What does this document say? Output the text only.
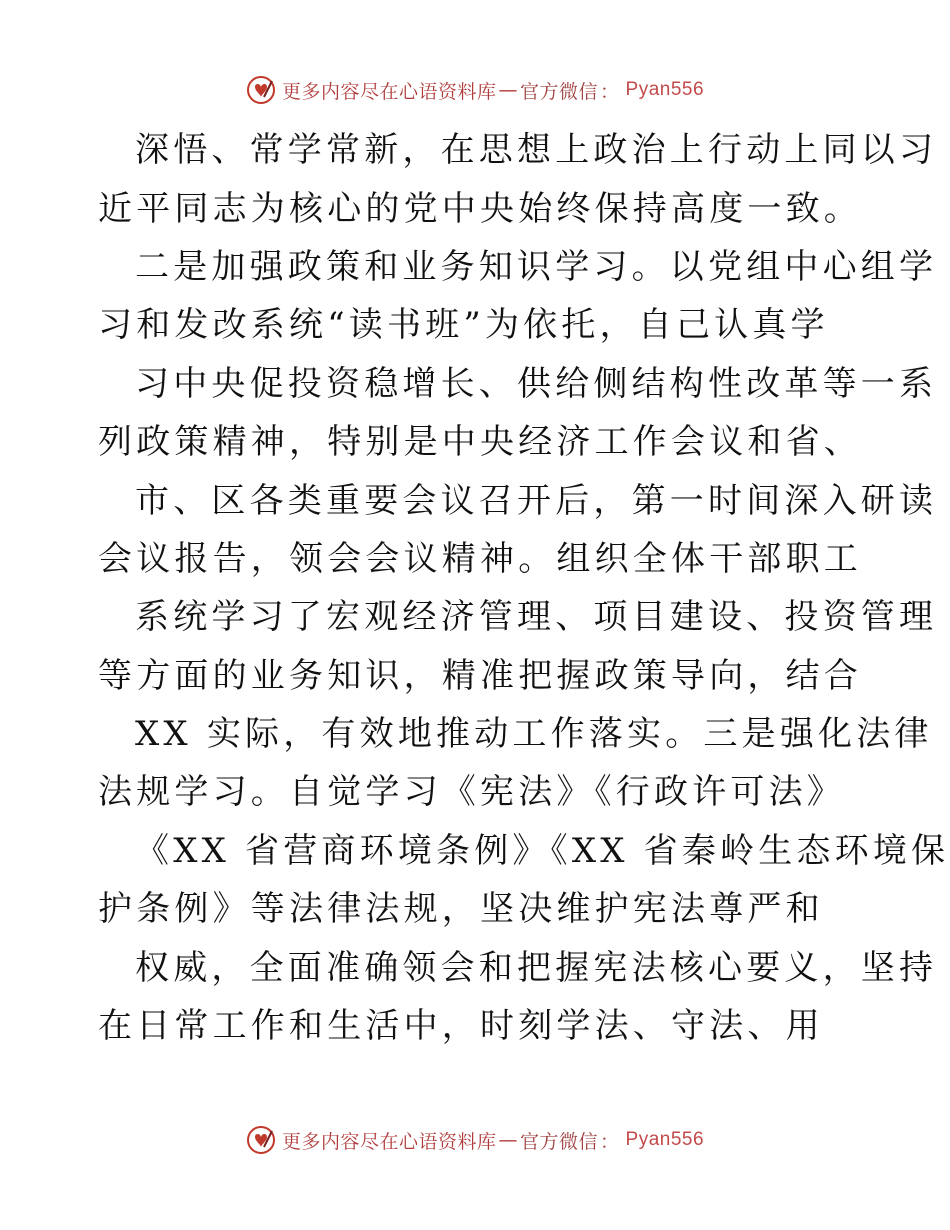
更多内容尽在心语资料库 — 官方微信 ： Pyan556
深悟、常学常新，在思想上政治上行动上同以习
近平同志为核心的党中央始终保持高度一致。
二是加强政策和业务知识学习。以党组中心组学
习和发改系统“读书班”为依托，自己认真学
习中央促投资稳增长、供给侧结构性改革等一系
列政策精神，特别是中央经济工作会议和省、
市、区各类重要会议召开后，第一时间深入研读
会议报告，领会会议精神。组织全体干部职工
系统学习了宏观经济管理、项目建设、投资管理
等方面的业务知识，精准把握政策导向，结合
XX 实际，有效地推动工作落实。三是强化法律
法规学习。自觉学习《宪法》《行政许可法》
《XX 省营商环境条例》《XX 省秦岭生态环境保
护条例》等法律法规，坚决维护宪法尊严和
权威，全面准确领会和把握宪法核心要义，坚持
在日常工作和生活中，时刻学法、守法、用
更多内容尽在心语资料库 — 官方微信 ： Pyan556
